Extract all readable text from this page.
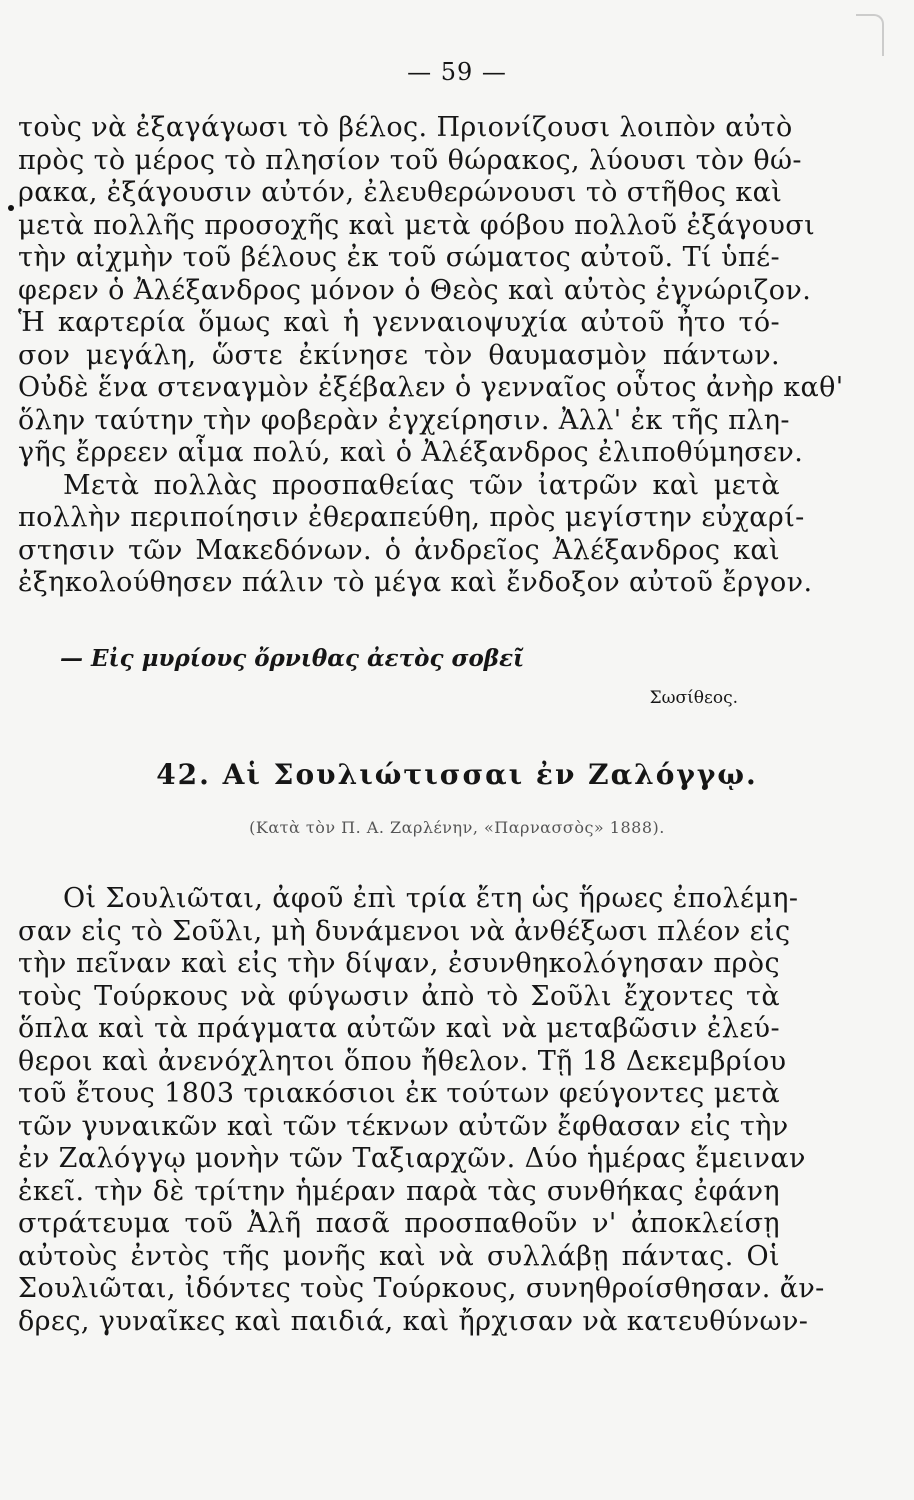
— 59 —
τοὺς νὰ ἐξαγάγωσι τὸ βέλος. Πριονίζουσι λοιπὸν αὐτὸ
πρὸς τὸ μέρος τὸ πλησίον τοῦ θώρακος, λύουσι τὸν θώ-
ρακα, ἐξάγουσιν αὐτόν, ἐλευθερώνουσι τὸ στῆθος καὶ
μετὰ πολλῆς προσοχῆς καὶ μετὰ φόβου πολλοῦ ἐξάγουσι
τὴν αἰχμὴν τοῦ βέλους ἐκ τοῦ σώματος αὐτοῦ. Τί ὑπέ-
φερεν ὁ Ἀλέξανδρος μόνον ὁ Θεὸς καὶ αὐτὸς ἐγνώριζον.
Ἡ καρτερία ὅμως καὶ ἡ γενναιοψυχία αὐτοῦ ἦτο τό-
σον μεγάλη, ὥστε ἐκίνησε τὸν θαυμασμὸν πάντων.
Οὐδὲ ἕνα στεναγμὸν ἐξέβαλεν ὁ γενναῖος οὗτος ἀνὴρ καθ'
ὅλην ταύτην τὴν φοβερὰν ἐγχείρησιν. Ἀλλ' ἐκ τῆς πλη-
γῆς ἔρρεεν αἷμα πολύ, καὶ ὁ Ἀλέξανδρος ἐλιποθύμησεν.
Μετὰ πολλὰς προσπαθείας τῶν ἰατρῶν καὶ μετὰ
πολλὴν περιποίησιν ἐθεραπεύθη, πρὸς μεγίστην εὐχαρί-
στησιν τῶν Μακεδόνων. ὁ ἀνδρεῖος Ἀλέξανδρος καὶ
ἐξηκολούθησεν πάλιν τὸ μέγα καὶ ἔνδοξον αὐτοῦ ἔργον.
— Εἰς μυρίους ὄρνιθας ἀετὸς σοβεῖ
Σωσίθεος.
42. Αἱ Σουλιώτισσαι ἐν Ζαλόγγῳ.
(Κατὰ τὸν Π. Α. Ζαρλένην, «Παρνασσὸς» 1888).
Οἱ Σουλιῶται, ἀφοῦ ἐπὶ τρία ἔτη ὡς ἥρωες ἐπολέμη-
σαν εἰς τὸ Σοῦλι, μὴ δυνάμενοι νὰ ἀνθέξωσι πλέον εἰς
τὴν πεῖναν καὶ εἰς τὴν δίψαν, ἐσυνθηκολόγησαν πρὸς
τοὺς Τούρκους νὰ φύγωσιν ἀπὸ τὸ Σοῦλι ἔχοντες τὰ
ὅπλα καὶ τὰ πράγματα αὐτῶν καὶ νὰ μεταβῶσιν ἐλεύ-
θεροι καὶ ἀνενόχλητοι ὅπου ἤθελον. Τῇ 18 Δεκεμβρίου
τοῦ ἔτους 1803 τριακόσιοι ἐκ τούτων φεύγοντες μετὰ
τῶν γυναικῶν καὶ τῶν τέκνων αὐτῶν ἔφθασαν εἰς τὴν
ἐν Ζαλόγγῳ μονὴν τῶν Ταξιαρχῶν. Δύο ἡμέρας ἔμειναν
ἐκεῖ. τὴν δὲ τρίτην ἡμέραν παρὰ τὰς συνθήκας ἐφάνη
στράτευμα τοῦ Ἀλῆ πασᾶ προσπαθοῦν ν' ἀποκλείσῃ
αὐτοὺς ἐντὸς τῆς μονῆς καὶ νὰ συλλάβῃ πάντας. Οἱ
Σουλιῶται, ἰδόντες τοὺς Τούρκους, συνηθροίσθησαν. ἄν-
δρες, γυναῖκες καὶ παιδιά, καὶ ἤρχισαν νὰ κατευθύνων-
